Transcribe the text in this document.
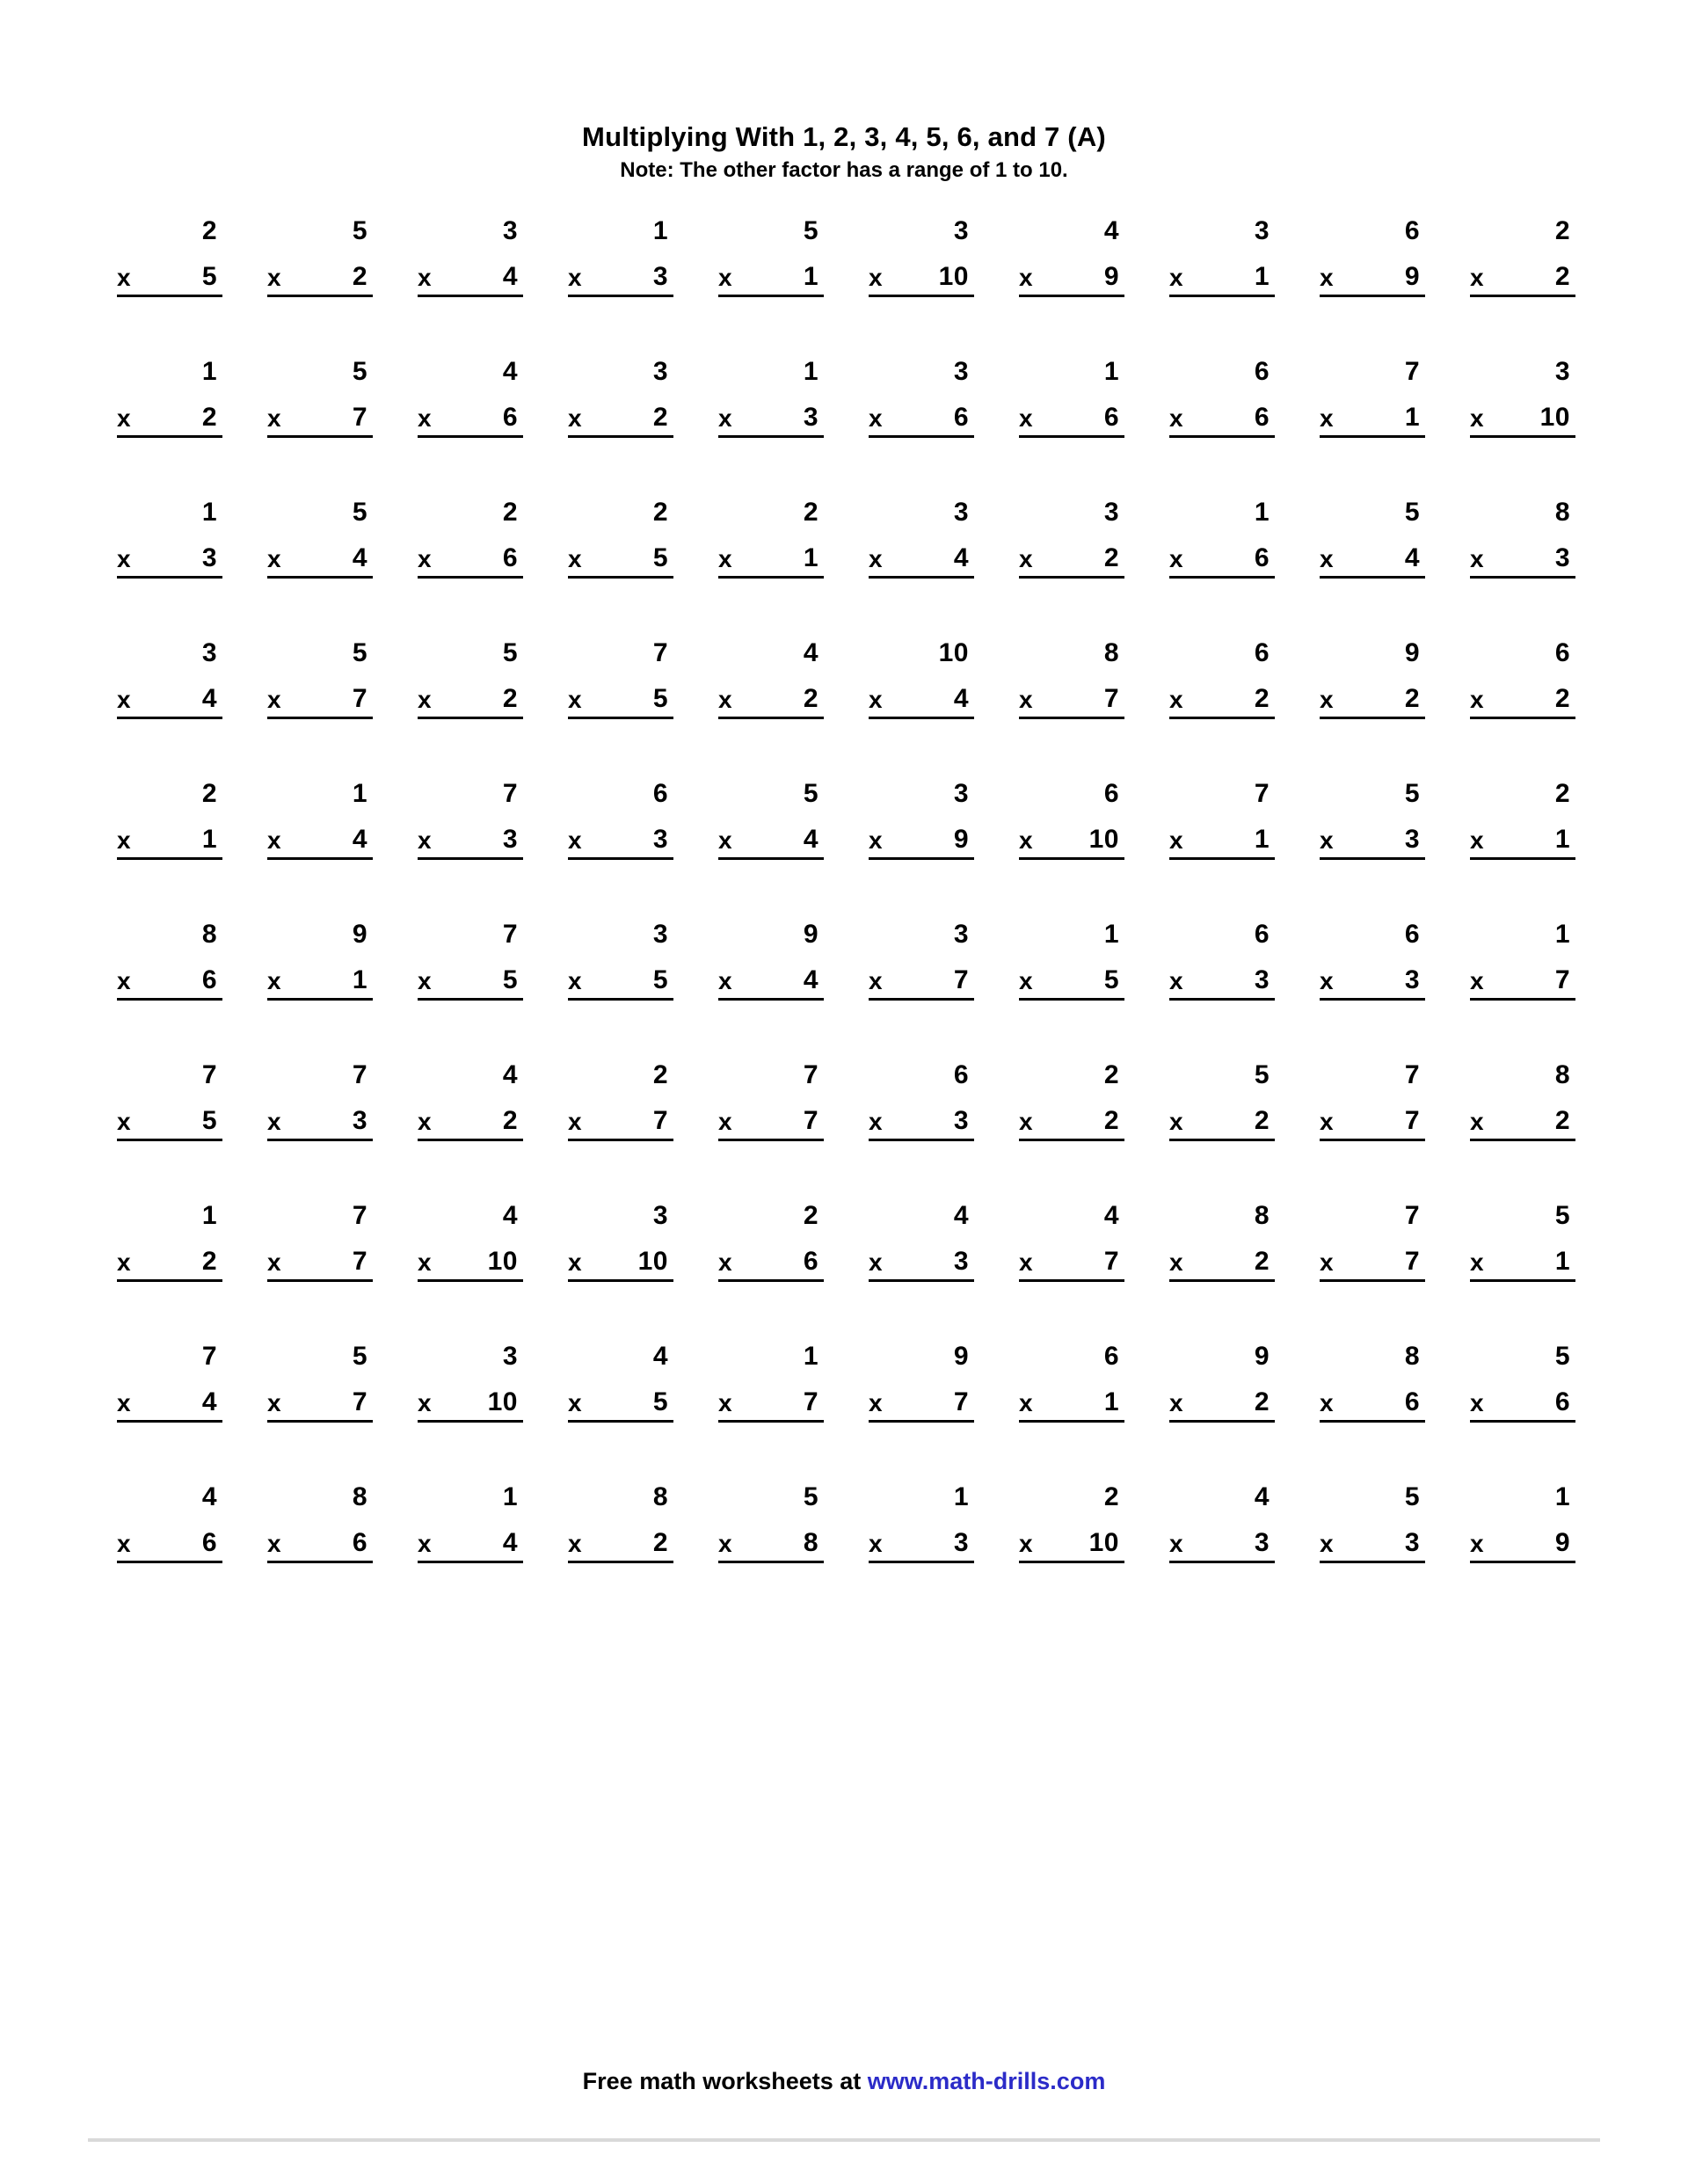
Multiplying With 1, 2, 3, 4, 5, 6, and 7 (A)
Note: The other factor has a range of 1 to 10.
2
x	5
5
x	2
3
x	4
1
x	3
5
x	1
3
x 10
4
x	9
3
x	1
6
x	9
2
x	2
1
x	2
5
x	7
4
x	6
3
x	2
1
x	3
3
x	6
1
x	6
6
x	6
7
x	1
3
x 10
1
x	3
5
x	4
2
x	6
2
x	5
2
x	1
3
x	4
3
x	2
1
x	6
5
x	4
8
x	3
3
x	4
5
x	7
5
x	2
7
x	5
4
x	2
10
x	4
8
x	7
6
x	2
9
x	2
6
x	2
2
x	1
1
x	4
7
x	3
6
x	3
5
x	4
3
x	9
6
x 10
7
x	1
5
x	3
2
x	1
8
x	6
9
x	1
7
x	5
3
x	5
9
x	4
3
x	7
1
x	5
6
x	3
6
x	3
1
x	7
7
x	5
7
x	3
4
x	2
2
x	7
7
x	7
6
x	3
2
x	2
5
x	2
7
x	7
8
x	2
1
x	2
7
x	7
4
x 10
3
x 10
2
x	6
4
x	3
4
x	7
8
x	2
7
x	7
5
x	1
7
x	4
5
x	7
3
x 10
4
x	5
1
x	7
9
x	7
6
x	1
9
x	2
8
x	6
5
x	6
4
x	6
8
x	6
1
x	4
8
x	2
5
x	8
1
x	3
2
x 10
4
x	3
5
x	3
1
x	9
Free math worksheets at www.math-drills.com
